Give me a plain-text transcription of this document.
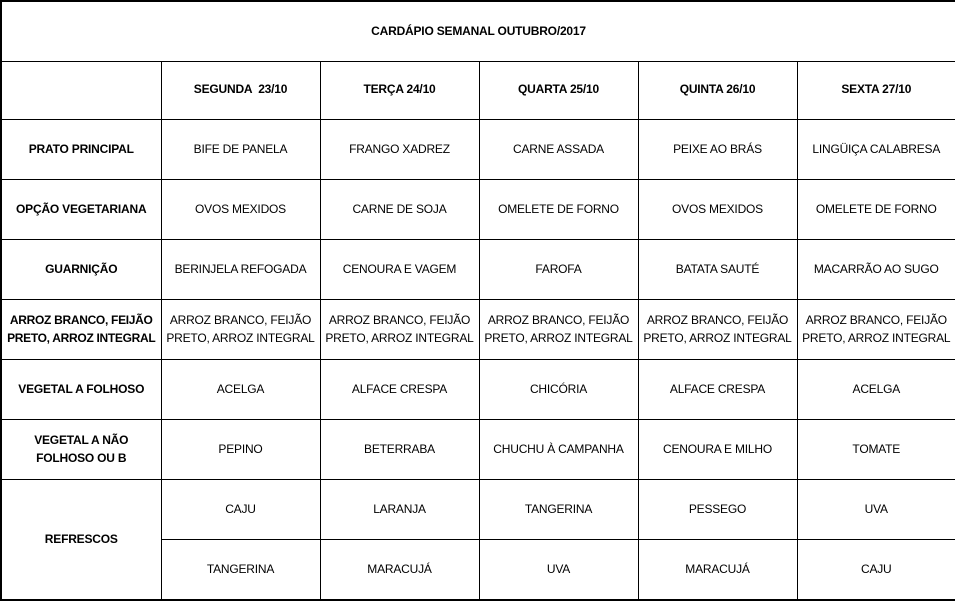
CARDÁPIO SEMANAL OUTUBRO/2017					
	SEGUNDA  23/10	TERÇA 24/10	QUARTA 25/10	QUINTA 26/10	SEXTA 27/10
PRATO PRINCIPAL	BIFE DE PANELA	FRANGO XADREZ	CARNE ASSADA	PEIXE AO BRÁS	LINGÜIÇA CALABRESA
OPÇÃO VEGETARIANA	OVOS MEXIDOS	CARNE DE SOJA	OMELETE DE FORNO	OVOS MEXIDOS	OMELETE DE FORNO
GUARNIÇÃO	BERINJELA REFOGADA	CENOURA E VAGEM	FAROFA	BATATA SAUTÉ	MACARRÃO AO SUGO
ARROZ BRANCO, FEIJÃO PRETO, ARROZ INTEGRAL	ARROZ BRANCO, FEIJÃO PRETO, ARROZ INTEGRAL	ARROZ BRANCO, FEIJÃO PRETO, ARROZ INTEGRAL	ARROZ BRANCO, FEIJÃO PRETO, ARROZ INTEGRAL	ARROZ BRANCO, FEIJÃO PRETO, ARROZ INTEGRAL	ARROZ BRANCO, FEIJÃO PRETO, ARROZ INTEGRAL
VEGETAL A FOLHOSO	ACELGA	ALFACE CRESPA	CHICÓRIA	ALFACE CRESPA	ACELGA
VEGETAL A NÃO FOLHOSO OU B	PEPINO	BETERRABA	CHUCHU À CAMPANHA	CENOURA E MILHO	TOMATE
REFRESCOS	CAJU	LARANJA	TANGERINA	PESSEGO	UVA
	TANGERINA	MARACUJÁ	UVA	MARACUJÁ	CAJU
